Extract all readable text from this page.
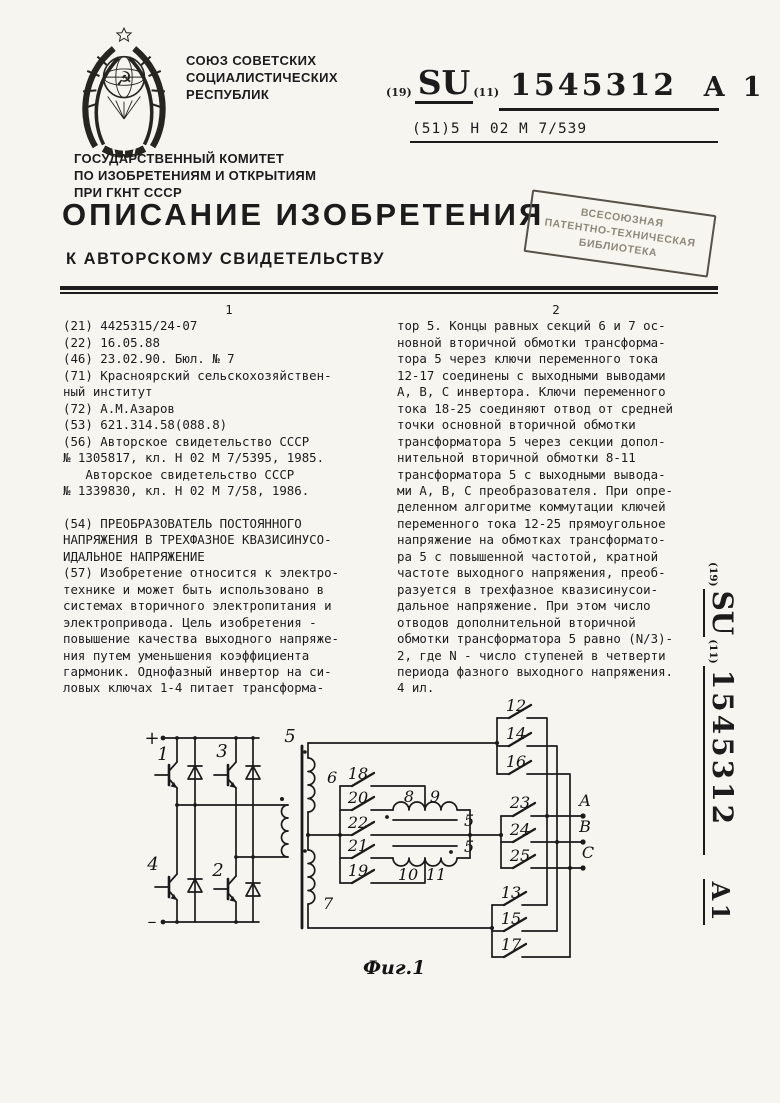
☭
СОЮЗ СОВЕТСКИХ
СОЦИАЛИСТИЧЕСКИХ
РЕСПУБЛИК	(19) SU (11) 1545312 А 1
(51)5 Н 02 М 7/539
ГОСУДАРСТВЕННЫЙ КОМИТЕТ
ПО ИЗОБРЕТЕНИЯМ И ОТКРЫТИЯМ
ПРИ ГКНТ СССР
ОПИСАНИЕ ИЗОБРЕТЕНИЯ
К АВТОРСКОМУ СВИДЕТЕЛЬСТВУ
ВСЕСОЮЗНАЯ
ПАТЕНТНО-ТЕХНИЧЕСКАЯ
БИБЛИОТЕКА
1
(21) 4425315/24-07
(22) 16.05.88
(46) 23.02.90. Бюл. № 7
(71) Красноярский сельскохозяйствен-
ный институт
(72) А.М.Азаров
(53) 621.314.58(088.8)
(56) Авторское свидетельство СССР
№ 1305817, кл. Н 02 М 7/5395, 1985.
Авторское свидетельство СССР
№ 1339830, кл. Н 02 М 7/58, 1986.

(54) ПРЕОБРАЗОВАТЕЛЬ ПОСТОЯННОГО
НАПРЯЖЕНИЯ В ТРЕХФАЗНОЕ КВАЗИСИНУСО-
ИДАЛЬНОЕ НАПРЯЖЕНИЕ
(57) Изобретение относится к электро-
технике и может быть использовано в
системах вторичного электропитания и
электропривода. Цель изобретения -
повышение качества выходного напряже-
ния путем уменьшения коэффициента
гармоник. Однофазный инвертор на си-
ловых ключах 1-4 питает трансформа-
2
тор 5. Концы равных секций 6 и 7 ос-
новной вторичной обмотки трансформа-
тора 5 через ключи переменного тока
12-17 соединены с выходными выводами
А, В, С инвертора. Ключи переменного
тока 18-25 соединяют отвод от средней
точки основной вторичной обмотки
трансформатора 5 через секции допол-
нительной вторичной обмотки 8-11
трансформатора 5 с выходными вывода-
ми А, В, С преобразователя. При опре-
деленном алгоритме коммутации ключей
переменного тока 12-25 прямоугольное
напряжение на обмотках трансформато-
ра 5 с повышенной частотой, кратной
частоте выходного напряжения, преоб-
разуется в трехфазное квазисинусои-
дальное напряжение. При этом число
отводов дополнительной вторичной
обмотки трансформатора 5 равно (N/3)-
2, где N - число ступеней в четверти
периода фазного выходного напряжения.
4 ил.
(19)
SU
(11)
1545312
А1
+
–
1	3
4	2
5
6
7
18
20
22
21
19
8 9
10 11
5
5
12
14
16
23
24
25
А
В
С
13
15
17
Фиг.1
